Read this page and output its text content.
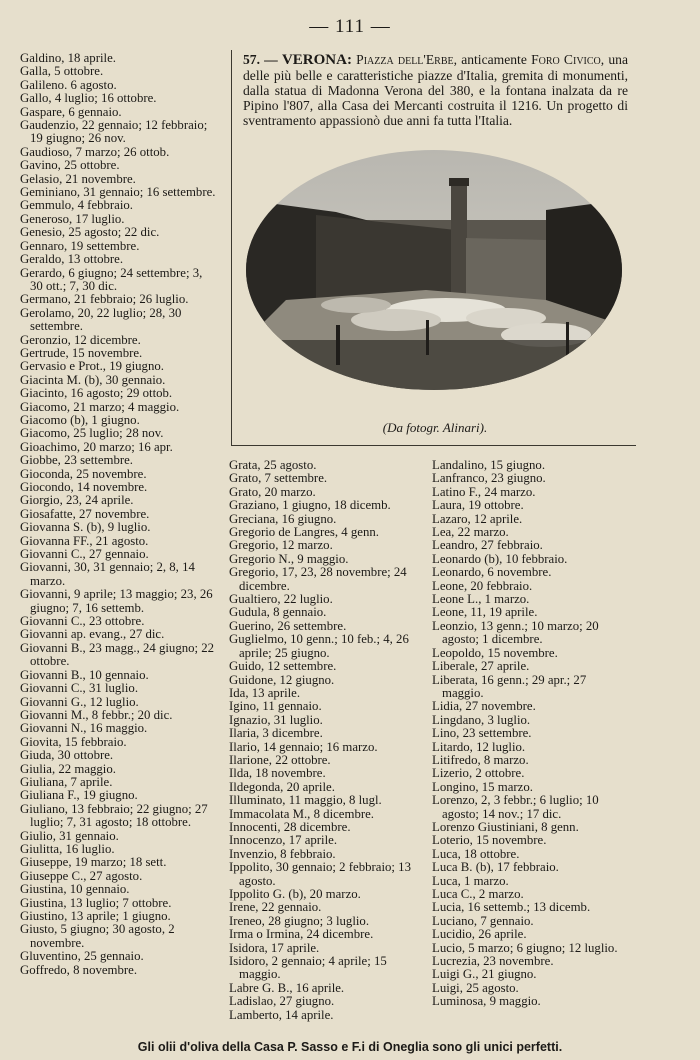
— 111 —
Galdino, 18 aprile.
Galla, 5 ottobre.
Galileno. 6 agosto.
Gallo, 4 luglio; 16 ottobre.
Gaspare, 6 gennaio.
Gaudenzio, 22 gennaio; 12 febbraio; 19 giugno; 26 nov.
Gaudioso, 7 marzo; 26 ottob.
Gavino, 25 ottobre.
Gelasio, 21 novembre.
Geminiano, 31 gennaio; 16 settembre.
Gemmulo, 4 febbraio.
Generoso, 17 luglio.
Genesio, 25 agosto; 22 dic.
Gennaro, 19 settembre.
Geraldo, 13 ottobre.
Gerardo, 6 giugno; 24 settembre; 3, 30 ott.; 7, 30 dic.
Germano, 21 febbraio; 26 luglio.
Gerolamo, 20, 22 luglio; 28, 30 settembre.
Geronzio, 12 dicembre.
Gertrude, 15 novembre.
Gervasio e Prot., 19 giugno.
Giacinta M. (b), 30 gennaio.
Giacinto, 16 agosto; 29 ottob.
Giacomo, 21 marzo; 4 maggio.
Giacomo (b), 1 giugno.
Giacomo, 25 luglio; 28 nov.
Gioachimo, 20 marzo; 16 apr.
Giobbe, 23 settembre.
Gioconda, 25 novembre.
Giocondo, 14 novembre.
Giorgio, 23, 24 aprile.
Giosafatte, 27 novembre.
Giovanna S. (b), 9 luglio.
Giovanna FF., 21 agosto.
Giovanni C., 27 gennaio.
Giovanni, 30, 31 gennaio; 2, 8, 14 marzo.
Giovanni, 9 aprile; 13 maggio; 23, 26 giugno; 7, 16 settemb.
Giovanni C., 23 ottobre.
Giovanni ap. evang., 27 dic.
Giovanni B., 23 magg., 24 giugno; 22 ottobre.
Giovanni B., 10 gennaio.
Giovanni C., 31 luglio.
Giovanni G., 12 luglio.
Giovanni M., 8 febbr.; 20 dic.
Giovanni N., 16 maggio.
Giovita, 15 febbraio.
Giuda, 30 ottobre.
Giulia, 22 maggio.
Giuliana, 7 aprile.
Giuliana F., 19 giugno.
Giuliano, 13 febbraio; 22 giugno; 27 luglio; 7, 31 agosto; 18 ottobre.
Giulio, 31 gennaio.
Giulitta, 16 luglio.
Giuseppe, 19 marzo; 18 sett.
Giuseppe C., 27 agosto.
Giustina, 10 gennaio.
Giustina, 13 luglio; 7 ottobre.
Giustino, 13 aprile; 1 giugno.
Giusto, 5 giugno; 30 agosto, 2 novembre.
Gluventino, 25 gennaio.
Goffredo, 8 novembre.
57. — VERONA: Piazza dell'Erbe, anticamente Foro Civico, una delle più belle e caratteristiche piazze d'Italia, gremita di monumenti, dalla statua di Madonna Verona del 380, e la fontana inalzata da re Pipino l'807, alla Casa dei Mercanti costruita il 1216. Un progetto di sventramento appassionò due anni fa tutta l'Italia.
(Da fotogr. Alinari).
Grata, 25 agosto.
Grato, 7 settembre.
Grato, 20 marzo.
Graziano, 1 giugno, 18 dicemb.
Greciana, 16 giugno.
Gregorio de Langres, 4 genn.
Gregorio, 12 marzo.
Gregorio N., 9 maggio.
Gregorio, 17, 23, 28 novembre; 24 dicembre.
Gualtiero, 22 luglio.
Gudula, 8 gennaio.
Guerino, 26 settembre.
Guglielmo, 10 genn.; 10 feb.; 4, 26 aprile; 25 giugno.
Guido, 12 settembre.
Guidone, 12 giugno.
Ida, 13 aprile.
Igino, 11 gennaio.
Ignazio, 31 luglio.
Ilaria, 3 dicembre.
Ilario, 14 gennaio; 16 marzo.
Ilarione, 22 ottobre.
Ilda, 18 novembre.
Ildegonda, 20 aprile.
Illuminato, 11 maggio, 8 lugl.
Immacolata M., 8 dicembre.
Innocenti, 28 dicembre.
Innocenzo, 17 aprile.
Invenzio, 8 febbraio.
Ippolito, 30 gennaio; 2 febbraio; 13 agosto.
Ippolito G. (b), 20 marzo.
Irene, 22 gennaio.
Ireneo, 28 giugno; 3 luglio.
Irma o Irmina, 24 dicembre.
Isidora, 17 aprile.
Isidoro, 2 gennaio; 4 aprile; 15 maggio.
Labre G. B., 16 aprile.
Ladislao, 27 giugno.
Lamberto, 14 aprile.
Landalino, 15 giugno.
Lanfranco, 23 giugno.
Latino F., 24 marzo.
Laura, 19 ottobre.
Lazaro, 12 aprile.
Lea, 22 marzo.
Leandro, 27 febbraio.
Leonardo (b), 10 febbraio.
Leonardo, 6 novembre.
Leone, 20 febbraio.
Leone L., 1 marzo.
Leone, 11, 19 aprile.
Leonzio, 13 genn.; 10 marzo; 20 agosto; 1 dicembre.
Leopoldo, 15 novembre.
Liberale, 27 aprile.
Liberata, 16 genn.; 29 apr.; 27 maggio.
Lidia, 27 novembre.
Lingdano, 3 luglio.
Lino, 23 settembre.
Litardo, 12 luglio.
Litifredo, 8 marzo.
Lizerio, 2 ottobre.
Longino, 15 marzo.
Lorenzo, 2, 3 febbr.; 6 luglio; 10 agosto; 14 nov.; 17 dic.
Lorenzo Giustiniani, 8 genn.
Loterio, 15 novembre.
Luca, 18 ottobre.
Luca B. (b), 17 febbraio.
Luca, 1 marzo.
Luca C., 2 marzo.
Lucia, 16 settemb.; 13 dicemb.
Luciano, 7 gennaio.
Lucidio, 26 aprile.
Lucio, 5 marzo; 6 giugno; 12 luglio.
Lucrezia, 23 novembre.
Luigi G., 21 giugno.
Luigi, 25 agosto.
Luminosa, 9 maggio.
Gli olii d'oliva della Casa P. Sasso e F.i di Oneglia sono gli unici perfetti.
